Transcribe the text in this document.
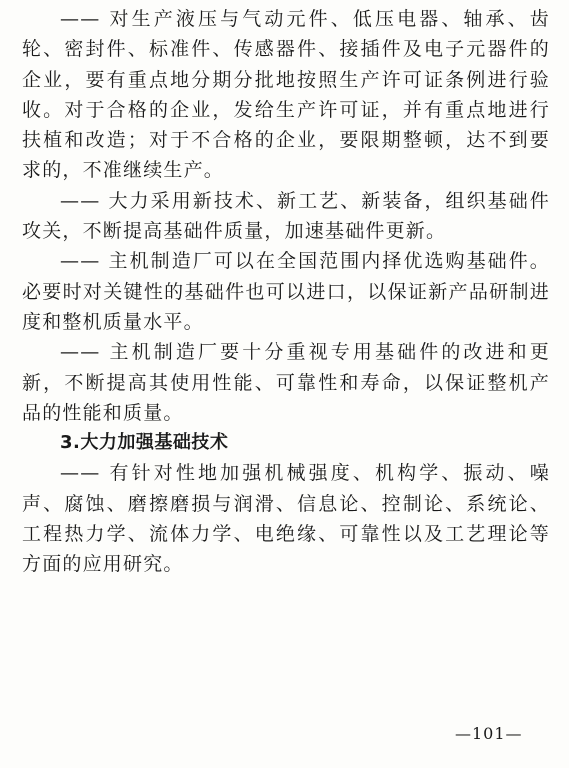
—— 对生产液压与气动元件、低压电器、轴承、齿

轮、密封件、标准件、传感器件、接插件及电子元器件的

企业，要有重点地分期分批地按照生产许可证条例进行验

收。对于合格的企业，发给生产许可证，并有重点地进行

扶植和改造；对于不合格的企业，要限期整顿，达不到要

求的，不准继续生产。

—— 大力采用新技术、新工艺、新装备，组织基础件

攻关，不断提高基础件质量，加速基础件更新。

—— 主机制造厂可以在全国范围内择优选购基础件。

必要时对关键性的基础件也可以进口，以保证新产品研制进

度和整机质量水平。

—— 主机制造厂要十分重视专用基础件的改进和更

新，不断提高其使用性能、可靠性和寿命，以保证整机产

品的性能和质量。

3.大力加强基础技术

—— 有针对性地加强机械强度、机构学、振动、噪

声、腐蚀、磨擦磨损与润滑、信息论、控制论、系统论、

工程热力学、流体力学、电绝缘、可靠性以及工艺理论等

方面的应用研究。

—101—
